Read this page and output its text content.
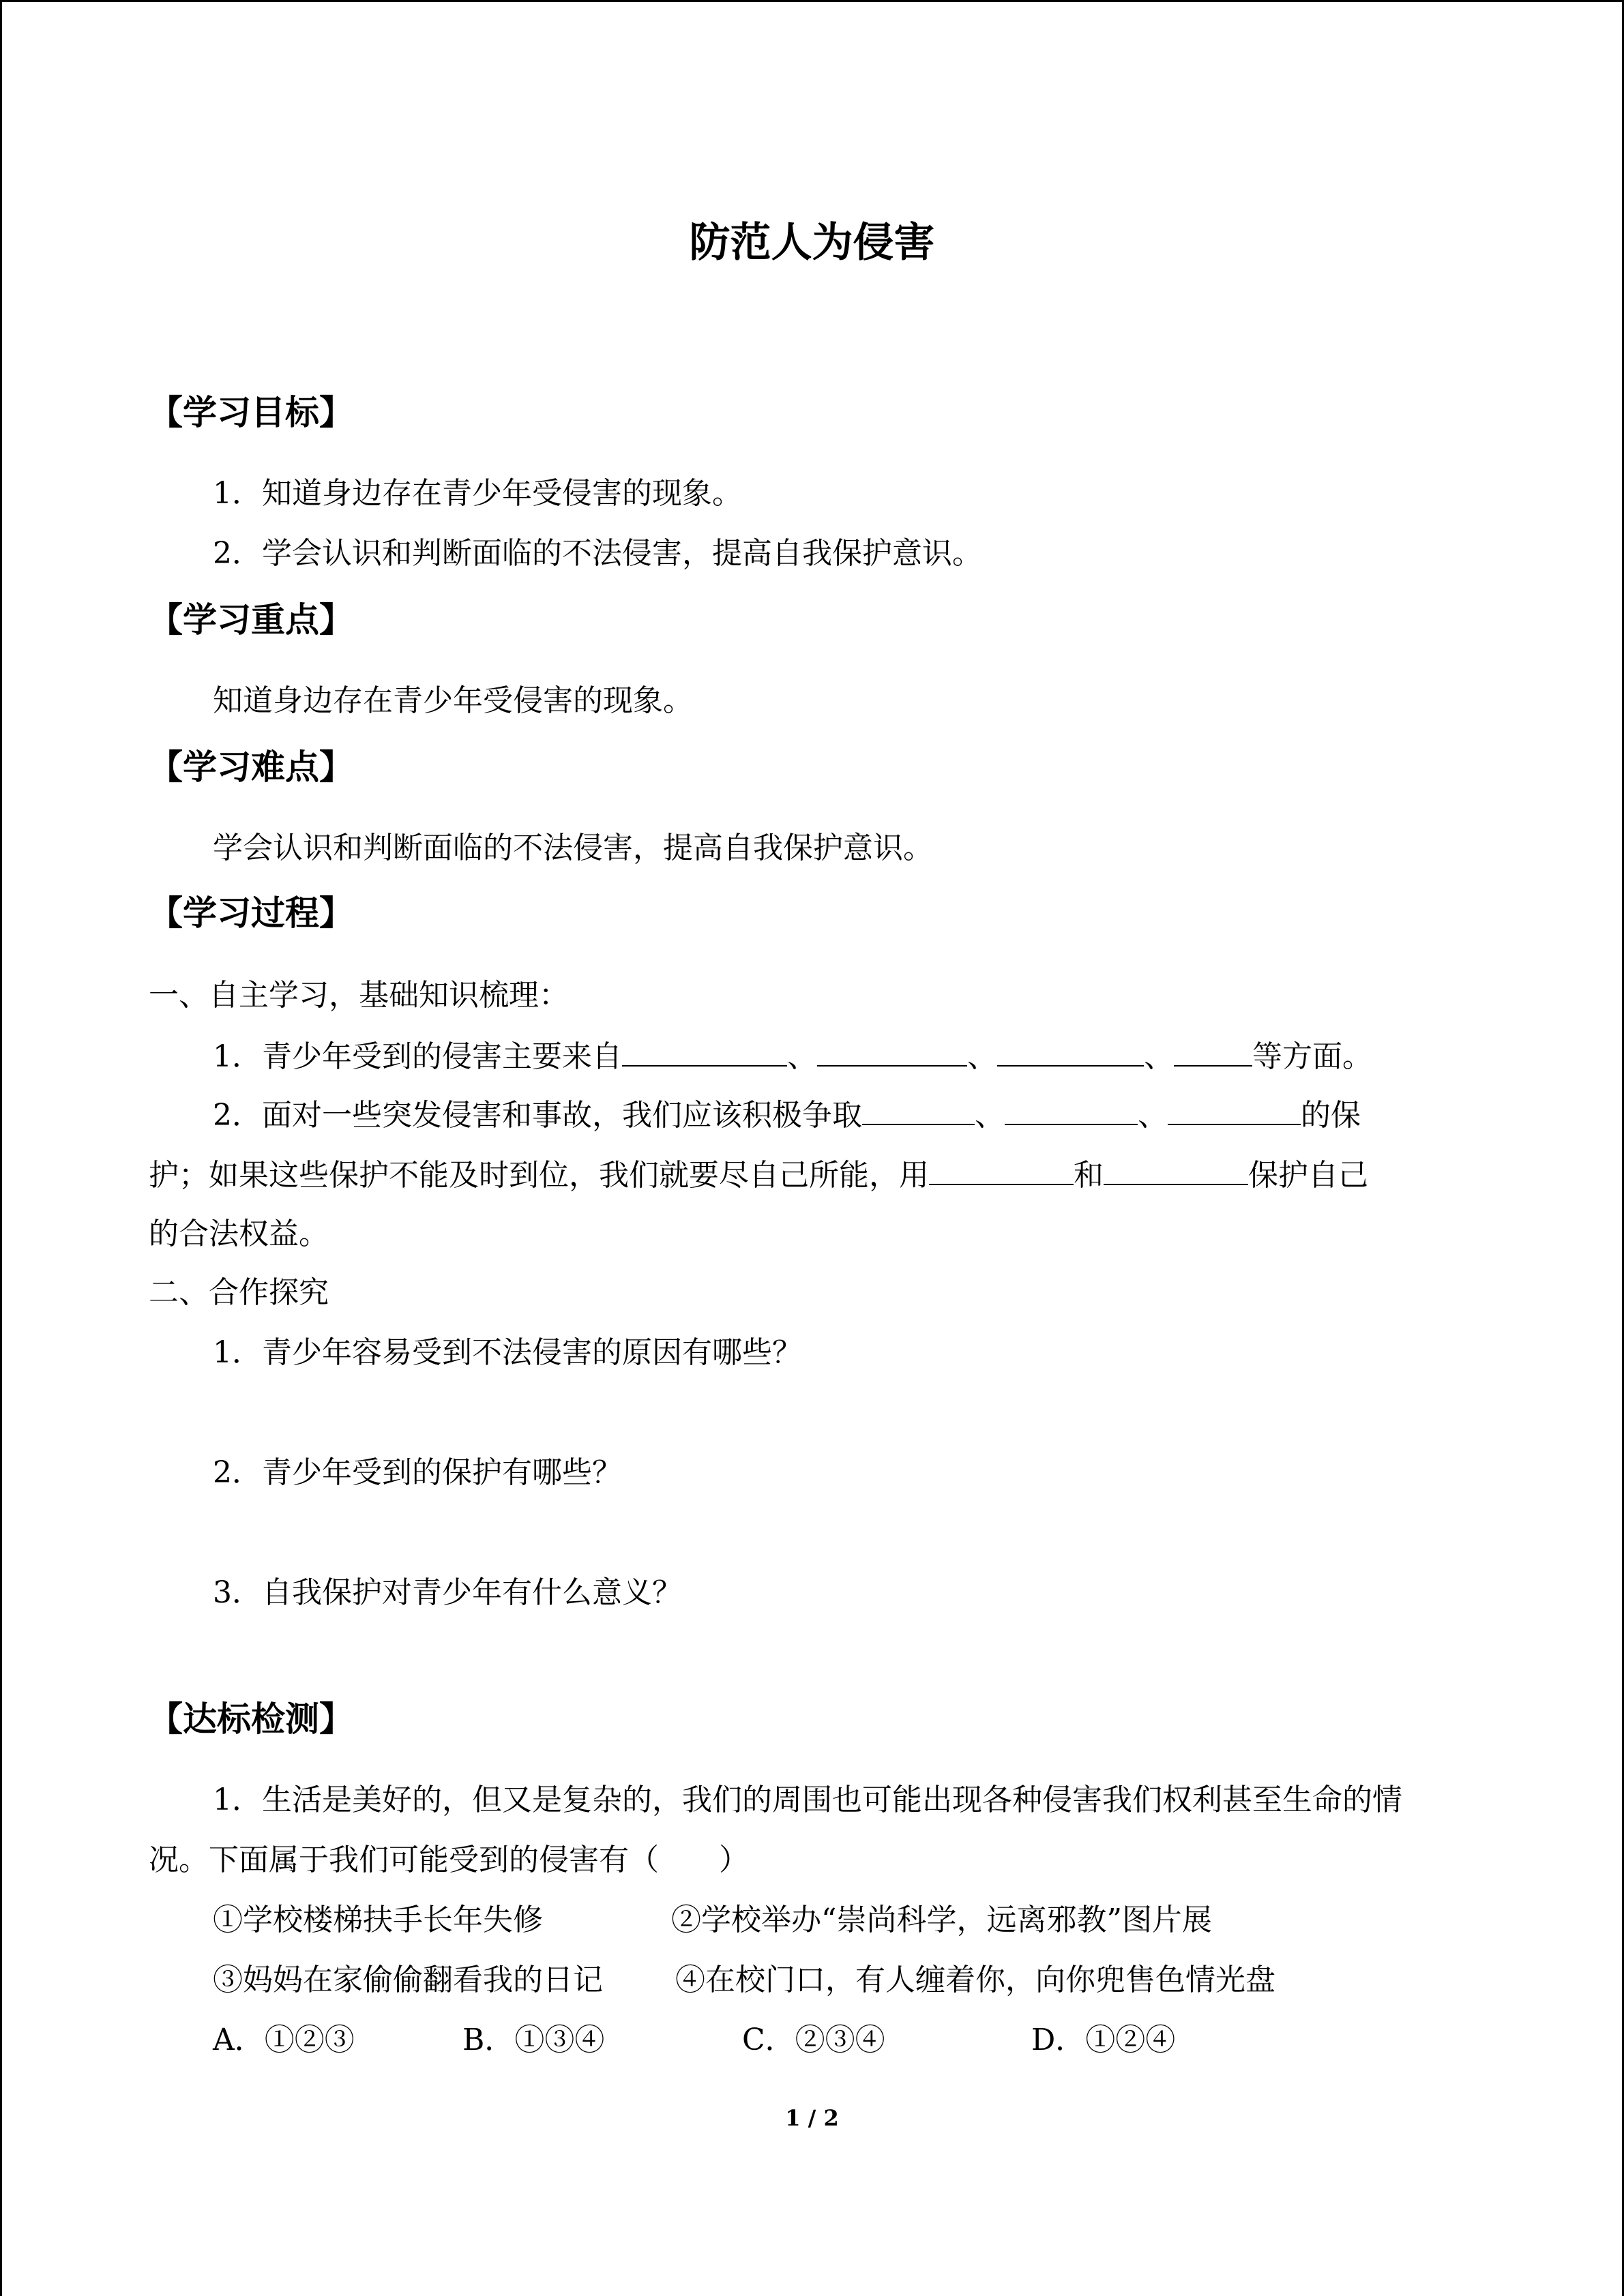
防范人为侵害
【学习目标】
1．知道身边存在青少年受侵害的现象。
2．学会认识和判断面临的不法侵害，提高自我保护意识。
【学习重点】
知道身边存在青少年受侵害的现象。
【学习难点】
学会认识和判断面临的不法侵害，提高自我保护意识。
【学习过程】
一、自主学习，基础知识梳理：
1．青少年受到的侵害主要来自	、	、	、	等方面。
2．面对一些突发侵害和事故，我们应该积极争取	、	、	的保
护；如果这些保护不能及时到位，我们就要尽自己所能，用	和	保护自己
的合法权益。
二、合作探究
1．青少年容易受到不法侵害的原因有哪些？
2．青少年受到的保护有哪些？
3．自我保护对青少年有什么意义？
【达标检测】
1．生活是美好的，但又是复杂的，我们的周围也可能出现各种侵害我们权利甚至生命的情
况。下面属于我们可能受到的侵害有（　　）
①学校楼梯扶手长年失修	②学校举办“崇尚科学，远离邪教”图片展
③妈妈在家偷偷翻看我的日记 ④在校门口，有人缠着你，向你兜售色情光盘
A．①②③	B．①③④	C．②③④	D．①②④
1 / 2
